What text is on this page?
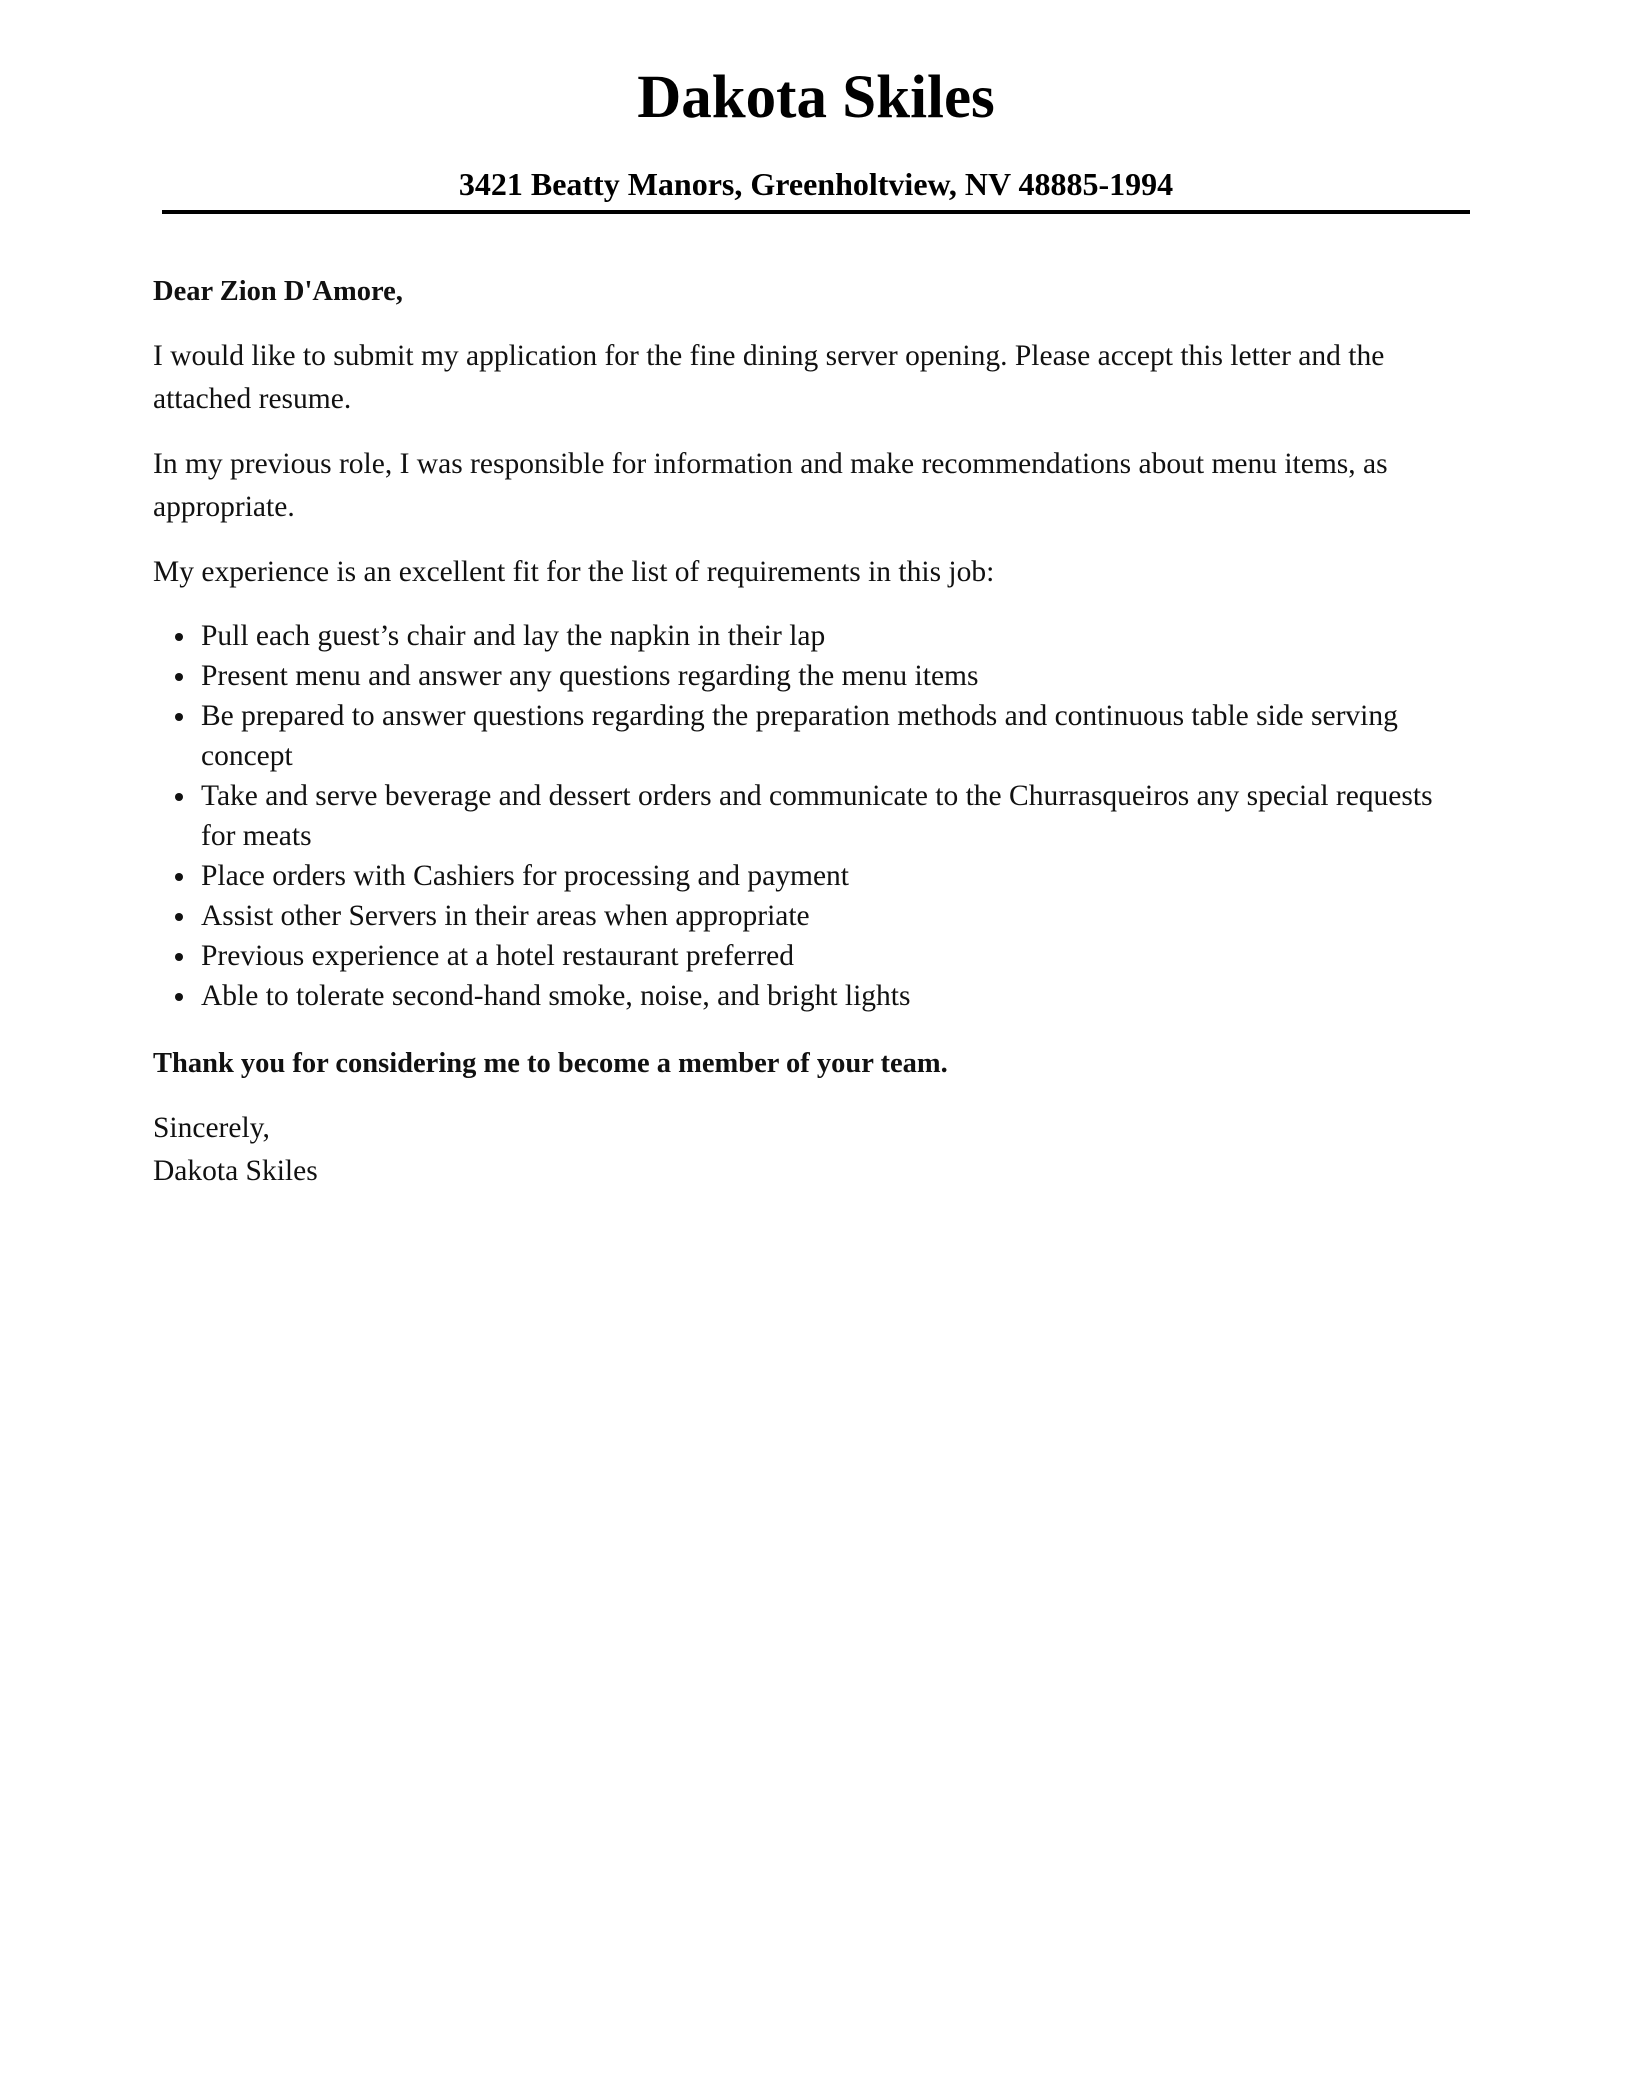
Dakota Skiles
3421 Beatty Manors, Greenholtview, NV 48885-1994

Dear Zion D'Amore,

I would like to submit my application for the fine dining server opening. Please accept this letter and the attached resume.

In my previous role, I was responsible for information and make recommendations about menu items, as appropriate.

My experience is an excellent fit for the list of requirements in this job:

Pull each guest’s chair and lay the napkin in their lap
Present menu and answer any questions regarding the menu items
Be prepared to answer questions regarding the preparation methods and continuous table side serving concept
Take and serve beverage and dessert orders and communicate to the Churrasqueiros any special requests for meats
Place orders with Cashiers for processing and payment
Assist other Servers in their areas when appropriate
Previous experience at a hotel restaurant preferred
Able to tolerate second-hand smoke, noise, and bright lights

Thank you for considering me to become a member of your team.

Sincerely,

Dakota Skiles
